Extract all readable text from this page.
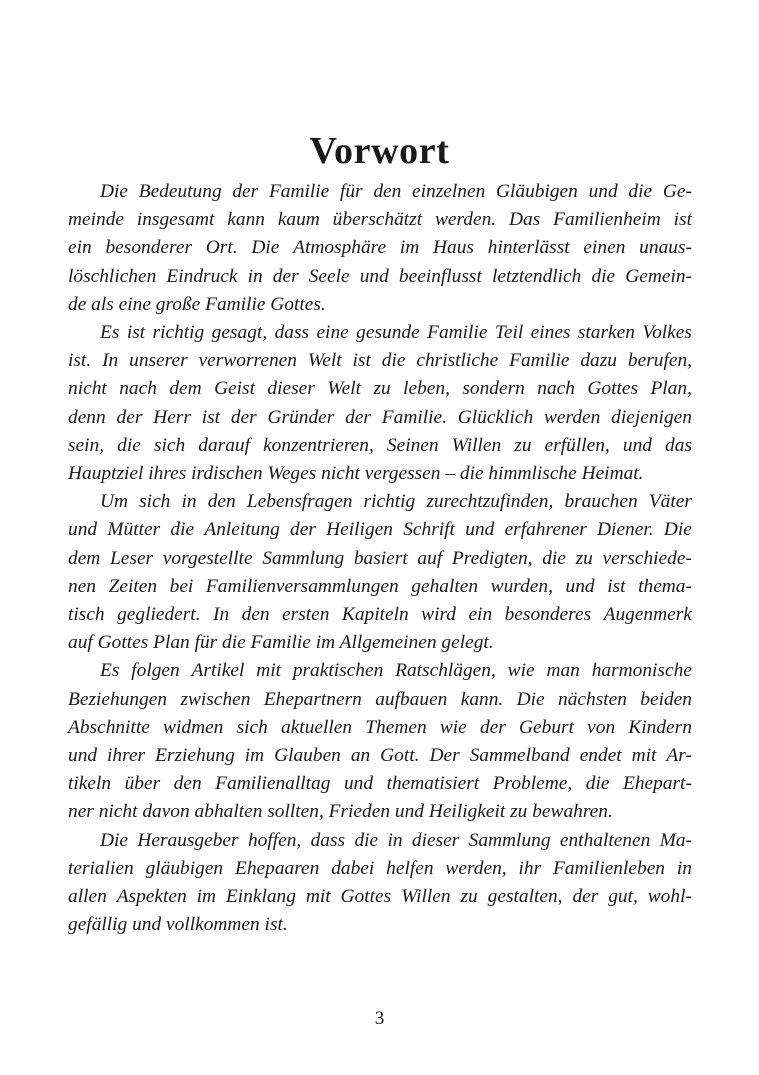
Vorwort

Die Bedeutung der Familie für den einzelnen Gläubigen und die Ge-
meinde insgesamt kann kaum überschätzt werden. Das Familienheim ist
ein besonderer Ort. Die Atmosphäre im Haus hinterlässt einen unaus-
löschlichen Eindruck in der Seele und beeinflusst letztendlich die Gemein-
de als eine große Familie Gottes.

Es ist richtig gesagt, dass eine gesunde Familie Teil eines starken Volkes
ist. In unserer verworrenen Welt ist die christliche Familie dazu berufen,
nicht nach dem Geist dieser Welt zu leben, sondern nach Gottes Plan,
denn der Herr ist der Gründer der Familie. Glücklich werden diejenigen
sein, die sich darauf konzentrieren, Seinen Willen zu erfüllen, und das
Hauptziel ihres irdischen Weges nicht vergessen – die himmlische Heimat.

Um sich in den Lebensfragen richtig zurechtzufinden, brauchen Väter
und Mütter die Anleitung der Heiligen Schrift und erfahrener Diener. Die
dem Leser vorgestellte Sammlung basiert auf Predigten, die zu verschiede-
nen Zeiten bei Familienversammlungen gehalten wurden, und ist thema-
tisch gegliedert. In den ersten Kapiteln wird ein besonderes Augenmerk
auf Gottes Plan für die Familie im Allgemeinen gelegt.

Es folgen Artikel mit praktischen Ratschlägen, wie man harmonische
Beziehungen zwischen Ehepartnern aufbauen kann. Die nächsten beiden
Abschnitte widmen sich aktuellen Themen wie der Geburt von Kindern
und ihrer Erziehung im Glauben an Gott. Der Sammelband endet mit Ar-
tikeln über den Familienalltag und thematisiert Probleme, die Ehepart-
ner nicht davon abhalten sollten, Frieden und Heiligkeit zu bewahren.

Die Herausgeber hoffen, dass die in dieser Sammlung enthaltenen Ma-
terialien gläubigen Ehepaaren dabei helfen werden, ihr Familienleben in
allen Aspekten im Einklang mit Gottes Willen zu gestalten, der gut, wohl-
gefällig und vollkommen ist.

3
